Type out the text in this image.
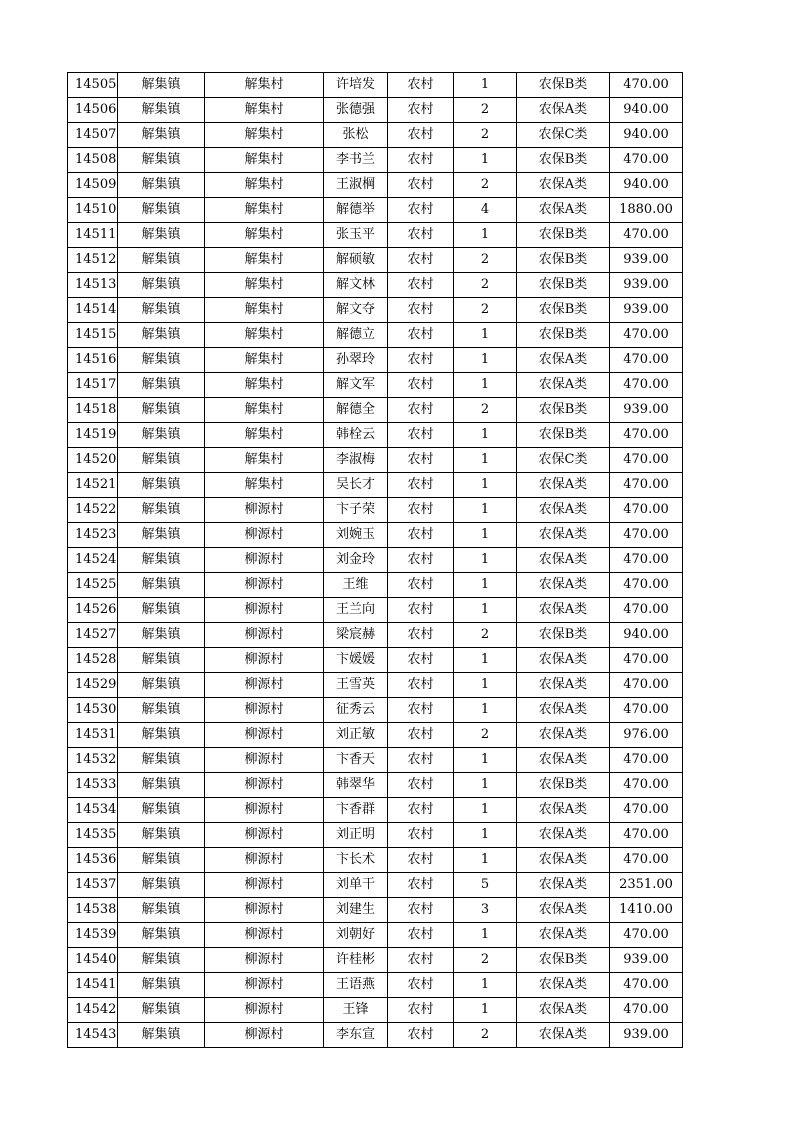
14505	解集镇	解集村	许培发	农村	1	农保B类	470.00
14506	解集镇	解集村	张德强	农村	2	农保A类	940.00
14507	解集镇	解集村	张松	农村	2	农保C类	940.00
14508	解集镇	解集村	李书兰	农村	1	农保B类	470.00
14509	解集镇	解集村	王淑棡	农村	2	农保A类	940.00
14510	解集镇	解集村	解德举	农村	4	农保A类	1880.00
14511	解集镇	解集村	张玉平	农村	1	农保B类	470.00
14512	解集镇	解集村	解硕敏	农村	2	农保B类	939.00
14513	解集镇	解集村	解文林	农村	2	农保B类	939.00
14514	解集镇	解集村	解文夺	农村	2	农保B类	939.00
14515	解集镇	解集村	解德立	农村	1	农保B类	470.00
14516	解集镇	解集村	孙翠玲	农村	1	农保A类	470.00
14517	解集镇	解集村	解文军	农村	1	农保A类	470.00
14518	解集镇	解集村	解德全	农村	2	农保B类	939.00
14519	解集镇	解集村	韩栓云	农村	1	农保B类	470.00
14520	解集镇	解集村	李淑梅	农村	1	农保C类	470.00
14521	解集镇	解集村	吴长才	农村	1	农保A类	470.00
14522	解集镇	柳源村	卞子荣	农村	1	农保A类	470.00
14523	解集镇	柳源村	刘婉玉	农村	1	农保A类	470.00
14524	解集镇	柳源村	刘金玲	农村	1	农保A类	470.00
14525	解集镇	柳源村	王维	农村	1	农保A类	470.00
14526	解集镇	柳源村	王兰向	农村	1	农保A类	470.00
14527	解集镇	柳源村	梁宸赫	农村	2	农保B类	940.00
14528	解集镇	柳源村	卞媛媛	农村	1	农保A类	470.00
14529	解集镇	柳源村	王雪英	农村	1	农保A类	470.00
14530	解集镇	柳源村	征秀云	农村	1	农保A类	470.00
14531	解集镇	柳源村	刘正敏	农村	2	农保A类	976.00
14532	解集镇	柳源村	卞香天	农村	1	农保A类	470.00
14533	解集镇	柳源村	韩翠华	农村	1	农保B类	470.00
14534	解集镇	柳源村	卞香群	农村	1	农保A类	470.00
14535	解集镇	柳源村	刘正明	农村	1	农保A类	470.00
14536	解集镇	柳源村	卞长术	农村	1	农保A类	470.00
14537	解集镇	柳源村	刘单干	农村	5	农保A类	2351.00
14538	解集镇	柳源村	刘建生	农村	3	农保A类	1410.00
14539	解集镇	柳源村	刘朝好	农村	1	农保A类	470.00
14540	解集镇	柳源村	许桂彬	农村	2	农保B类	939.00
14541	解集镇	柳源村	王语燕	农村	1	农保A类	470.00
14542	解集镇	柳源村	王锋	农村	1	农保A类	470.00
14543	解集镇	柳源村	李东宣	农村	2	农保A类	939.00
